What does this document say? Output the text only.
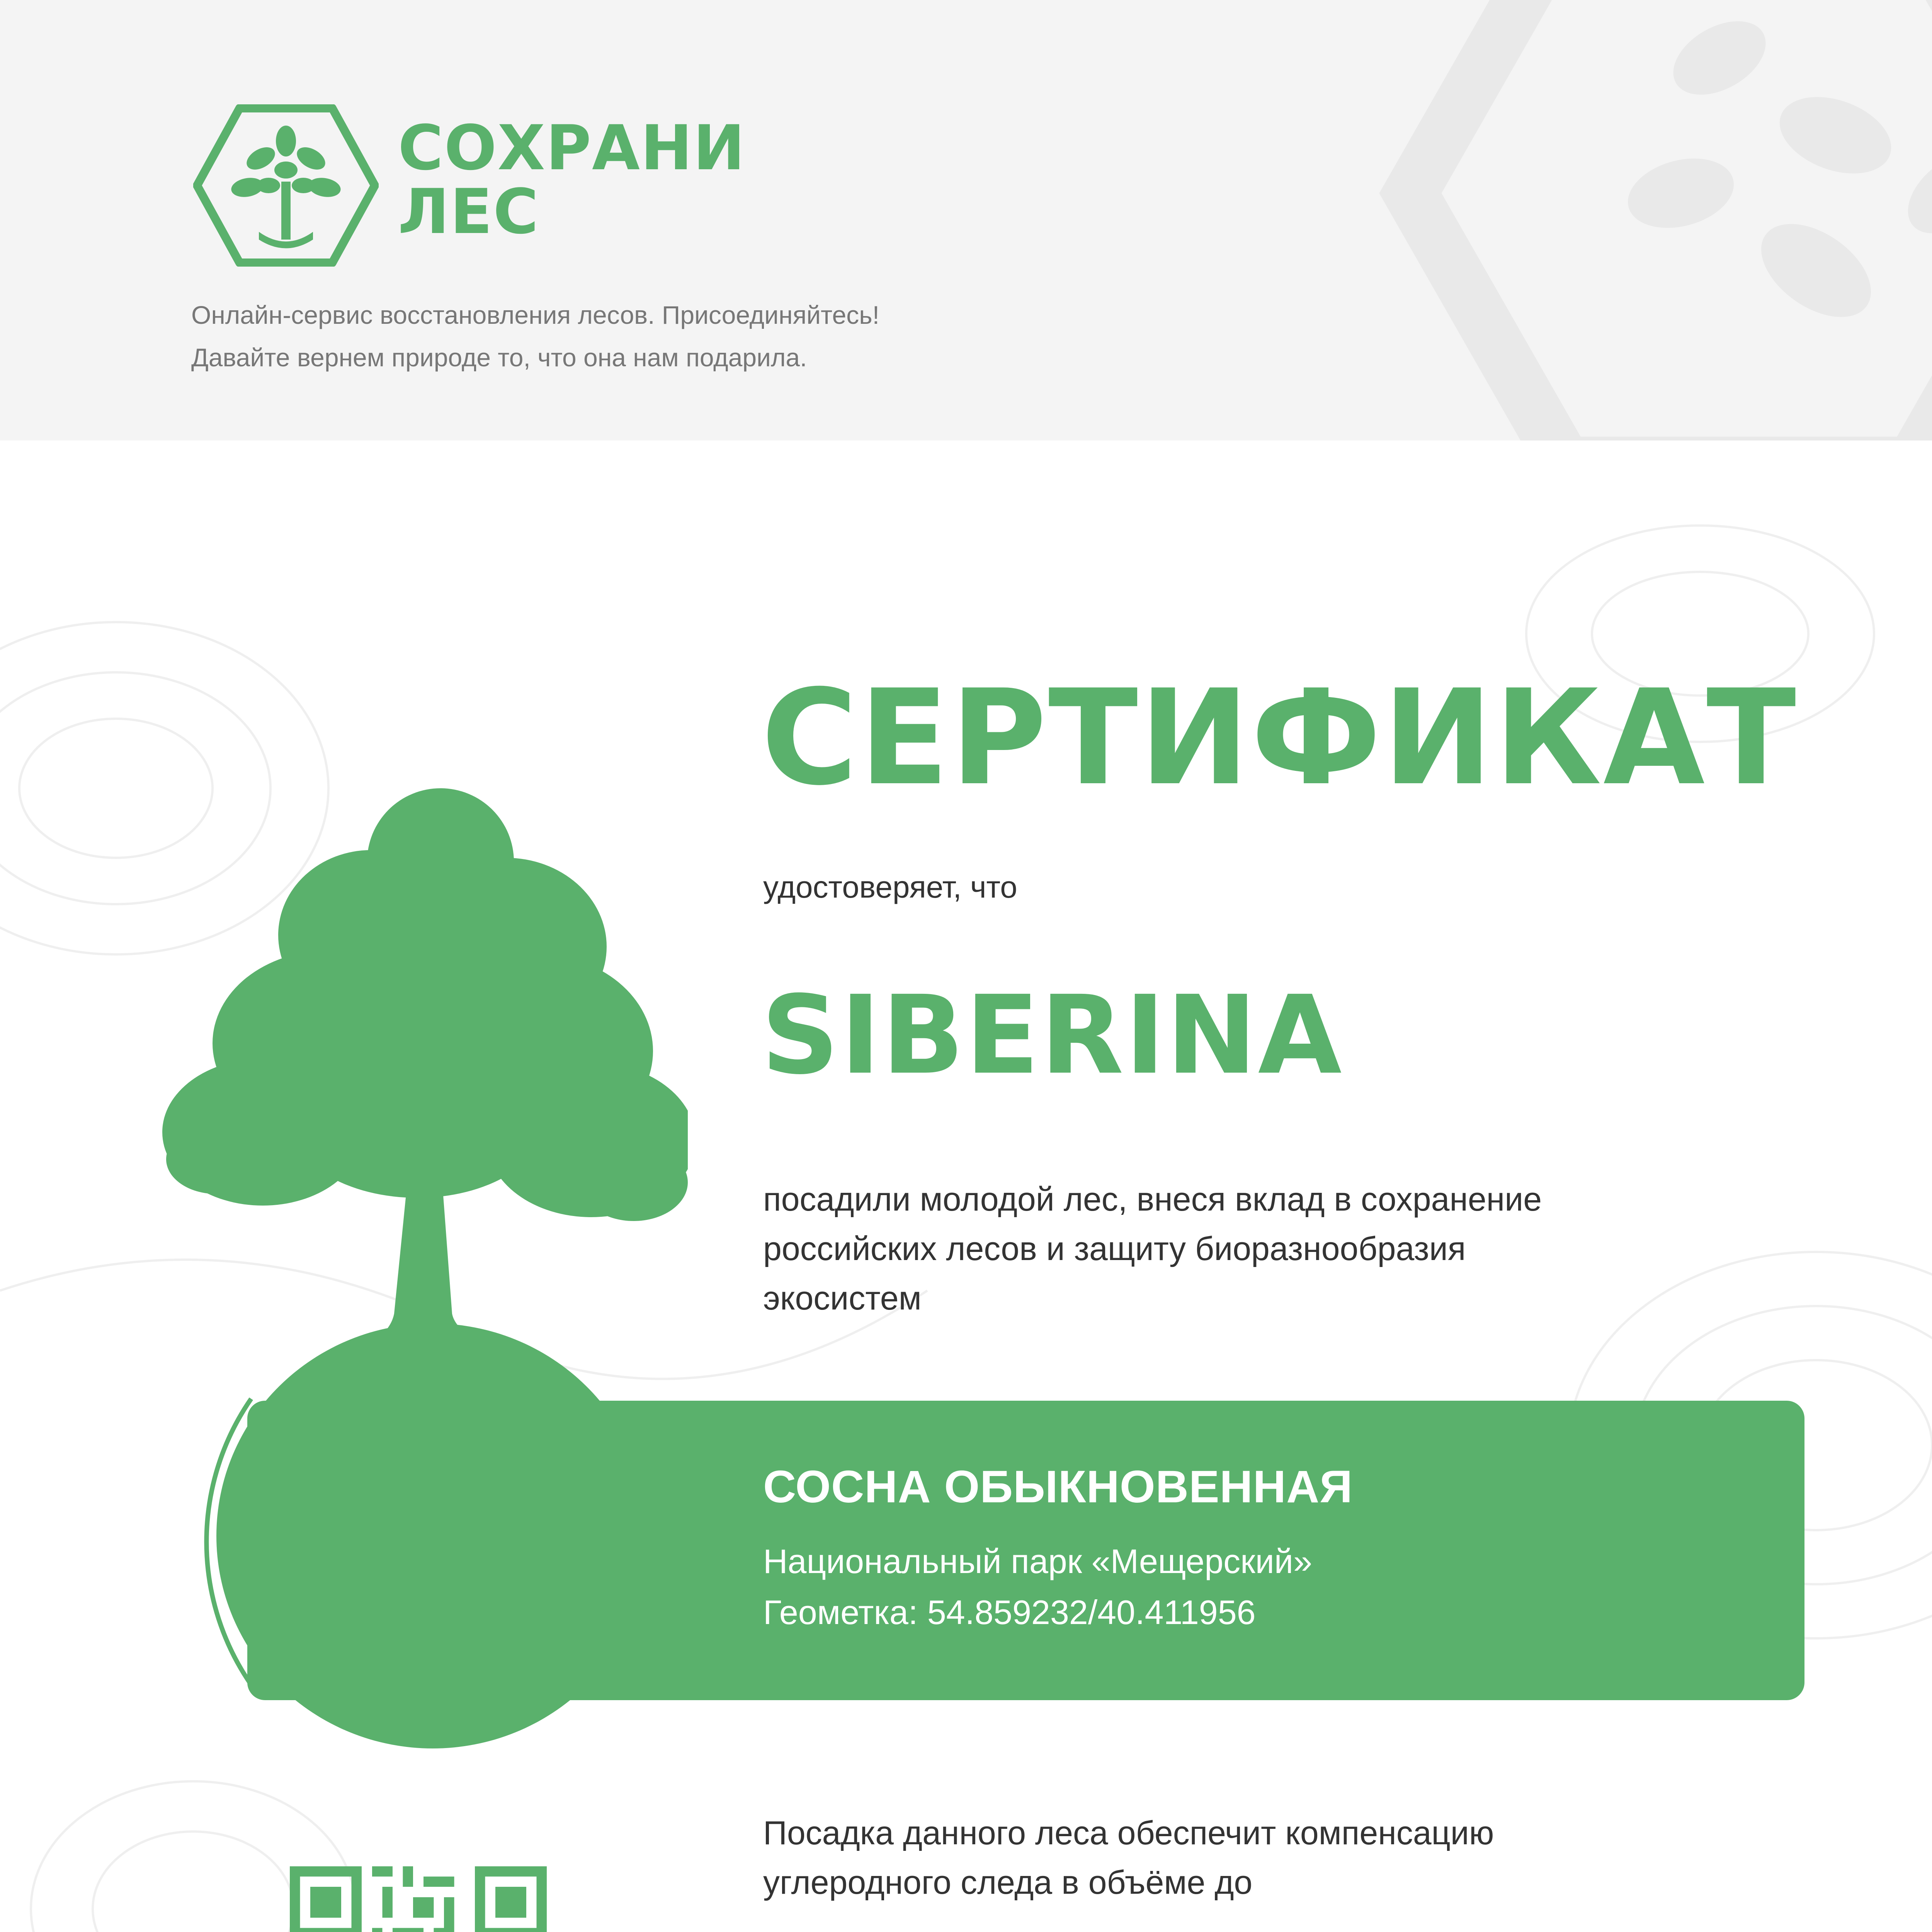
СОХРАНИ
ЛЕС
Онлайн-сервис восстановления лесов. Присоединяйтесь!
Давайте вернем природе то, что она нам подарила.
СЕРТИФИКАТ
удостоверяет, что
SIBERINA
посадили молодой лес, внеся вклад в сохранение
российских лесов и защиту биоразнообразия
экосистем
СОСНА ОБЫКНОВЕННАЯ
Национальный парк «Мещерский»
Геометка: 54.859232/40.411956
Посадка данного леса обеспечит компенсацию
углеродного следа в объёме до
